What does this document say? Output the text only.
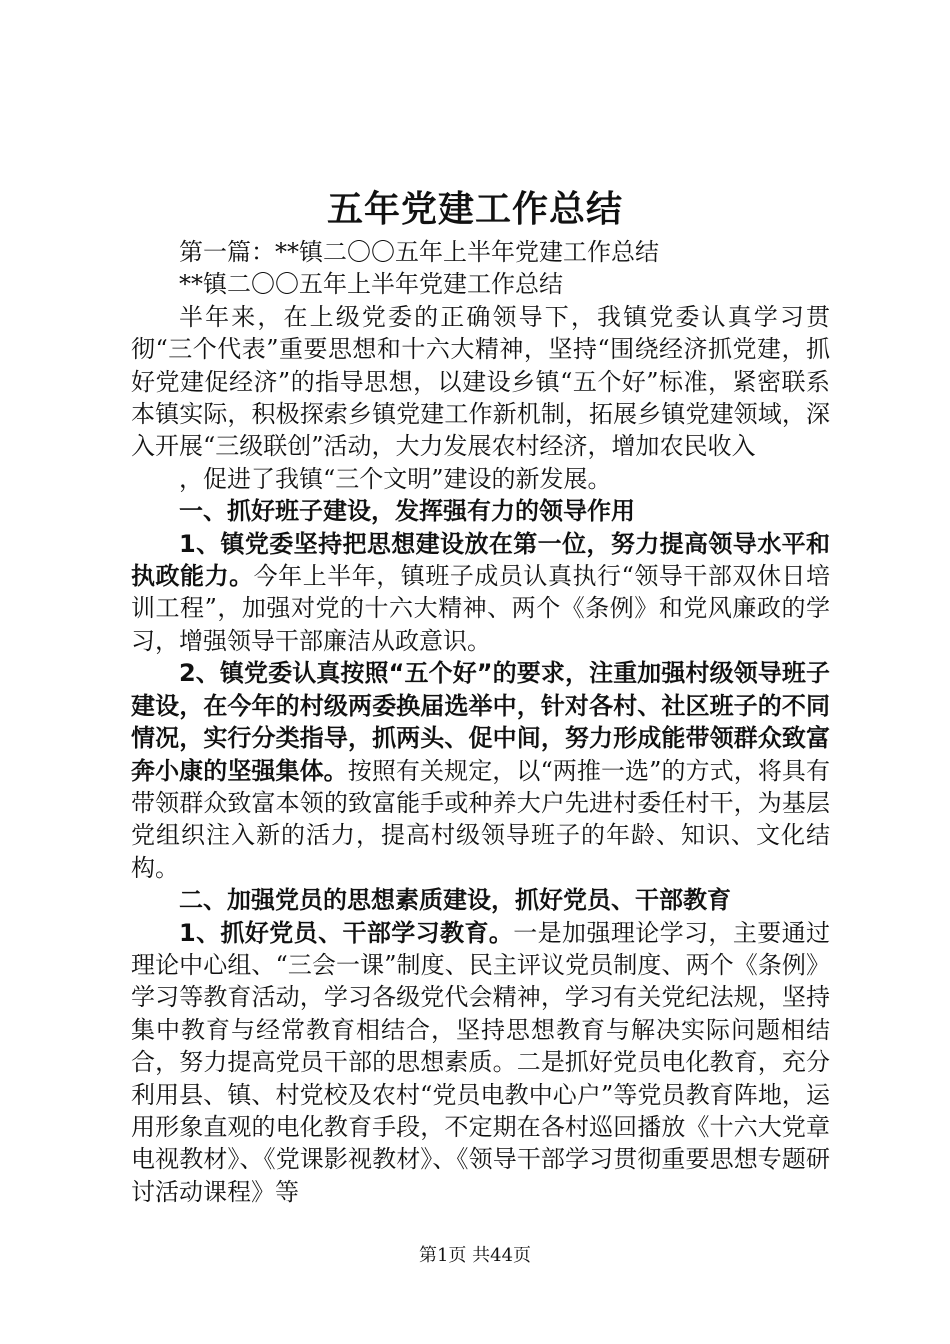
五年党建工作总结

第一篇：**镇二〇〇五年上半年党建工作总结

**镇二〇〇五年上半年党建工作总结

半年来，在上级党委的正确领导下，我镇党委认真学习贯彻“三个代表”重要思想和十六大精神，坚持“围绕经济抓党建，抓好党建促经济”的指导思想，以建设乡镇“五个好”标准，紧密联系本镇实际，积极探索乡镇党建工作新机制，拓展乡镇党建领域，深入开展“三级联创”活动，大力发展农村经济，增加农民收入

，促进了我镇“三个文明”建设的新发展。

一、抓好班子建设，发挥强有力的领导作用

1、镇党委坚持把思想建设放在第一位，努力提高领导水平和执政能力。今年上半年，镇班子成员认真执行“领导干部双休日培训工程”，加强对党的十六大精神、两个《条例》和党风廉政的学习，增强领导干部廉洁从政意识。

2、镇党委认真按照“五个好”的要求，注重加强村级领导班子建设，在今年的村级两委换届选举中，针对各村、社区班子的不同情况，实行分类指导，抓两头、促中间，努力形成能带领群众致富奔小康的坚强集体。按照有关规定，以“两推一选”的方式，将具有带领群众致富本领的致富能手或种养大户先进村委任村干，为基层党组织注入新的活力，提高村级领导班子的年龄、知识、文化结构。

二、加强党员的思想素质建设，抓好党员、干部教育

1、抓好党员、干部学习教育。一是加强理论学习，主要通过理论中心组、“三会一课”制度、民主评议党员制度、两个《条例》学习等教育活动，学习各级党代会精神，学习有关党纪法规，坚持集中教育与经常教育相结合，坚持思想教育与解决实际问题相结合，努力提高党员干部的思想素质。二是抓好党员电化教育，充分利用县、镇、村党校及农村“党员电教中心户”等党员教育阵地，运用形象直观的电化教育手段，不定期在各村巡回播放《十六大党章电视教材》、《党课影视教材》、《领导干部学习贯彻重要思想专题研讨活动课程》等

第1页 共44页
